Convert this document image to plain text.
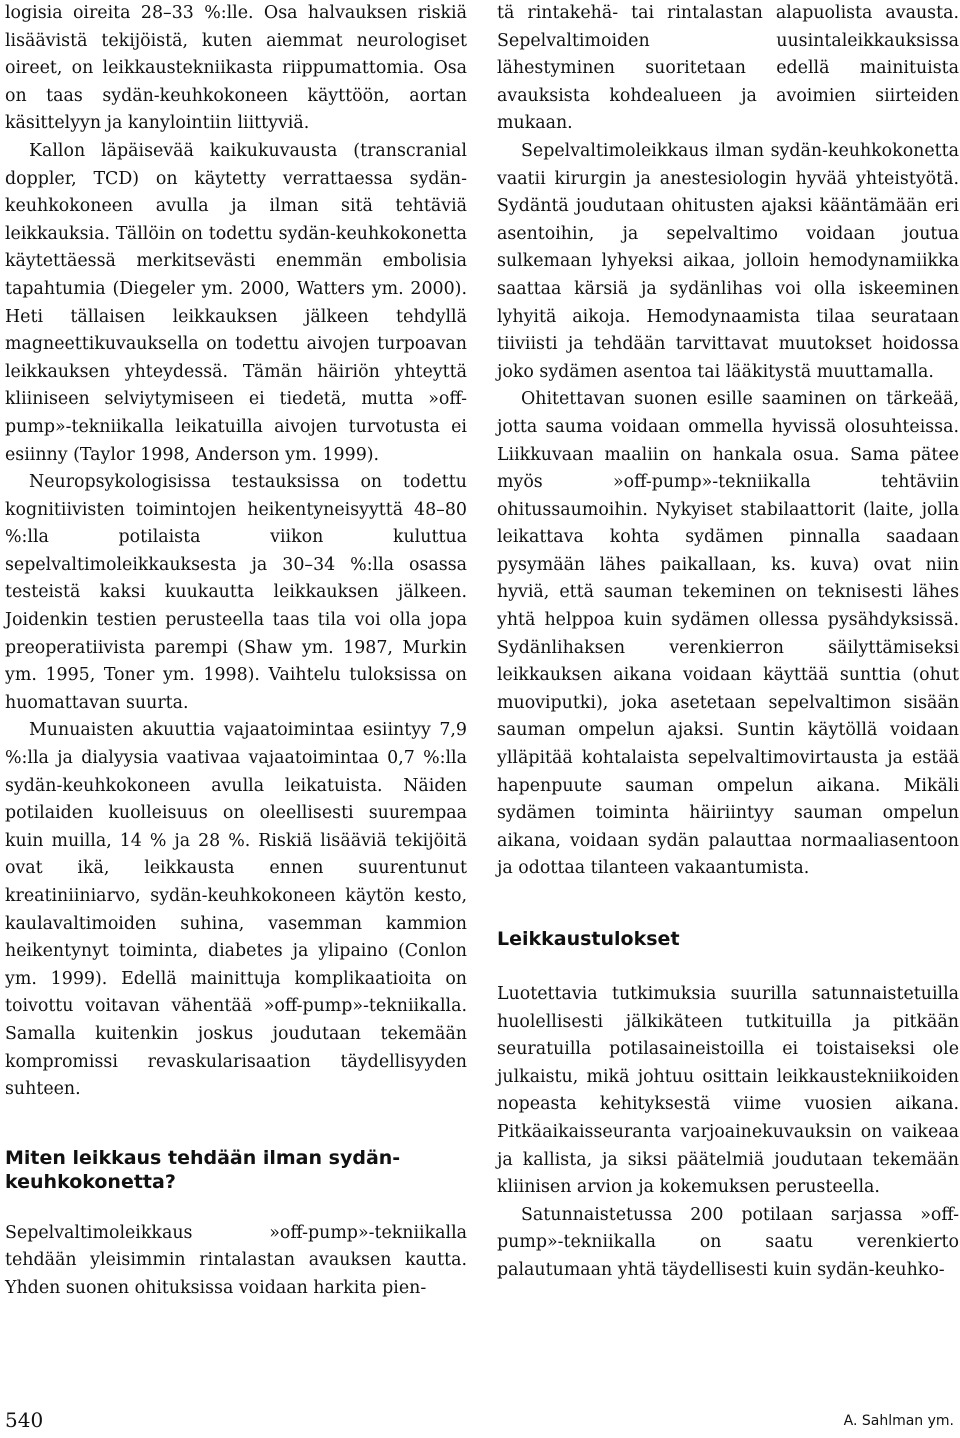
logisia oireita 28–33 %:lle. Osa halvauksen riskiä lisäävistä tekijöistä, kuten aiemmat neurologiset oireet, on leikkaustekniikasta riippumattomia. Osa on taas sydän-keuhkokoneen käyttöön, aortan käsittelyyn ja kanylointiin liittyviä.

Kallon läpäisevää kaikukuvausta (transcranial doppler, TCD) on käytetty verrattaessa sydän-keuhkokoneen avulla ja ilman sitä tehtäviä leikkauksia. Tällöin on todettu sydän-keuhkokonetta käytettäessä merkitsevästi enemmän embolisia tapahtumia (Diegeler ym. 2000, Watters ym. 2000). Heti tällaisen leikkauksen jälkeen tehdyllä magneettikuvauksella on todettu aivojen turpoavan leikkauksen yhteydessä. Tämän häiriön yhteyttä kliiniseen selviytymiseen ei tiedetä, mutta »off-pump»-tekniikalla leikatuilla aivojen turvotusta ei esiinny (Taylor 1998, Anderson ym. 1999).

Neuropsykologisissa testauksissa on todettu kognitiivisten toimintojen heikentyneisyyttä 48–80 %:lla potilaista viikon kuluttua sepelvaltimoleikkauksesta ja 30–34 %:lla osassa testeistä kaksi kuukautta leikkauksen jälkeen. Joidenkin testien perusteella taas tila voi olla jopa preoperatiivista parempi (Shaw ym. 1987, Murkin ym. 1995, Toner ym. 1998). Vaihtelu tuloksissa on huomattavan suurta.

Munuaisten akuuttia vajaatoimintaa esiintyy 7,9 %:lla ja dialyysia vaativaa vajaatoimintaa 0,7 %:lla sydän-keuhkokoneen avulla leikatuista. Näiden potilaiden kuolleisuus on oleellisesti suurempaa kuin muilla, 14 % ja 28 %. Riskiä lisääviä tekijöitä ovat ikä, leikkausta ennen suurentunut kreatiniiniarvo, sydän-keuhkokoneen käytön kesto, kaulavaltimoiden suhina, vasemman kammion heikentynyt toiminta, diabetes ja ylipaino (Conlon ym. 1999). Edellä mainittuja komplikaatioita on toivottu voitavan vähentää »off-pump»-tekniikalla. Samalla kuitenkin joskus joudutaan tekemään kompromissi revaskularisaation täydellisyyden suhteen.

Miten leikkaus tehdään ilman sydän-keuhkokonetta?

Sepelvaltimoleikkaus »off-pump»-tekniikalla tehdään yleisimmin rintalastan avauksen kautta. Yhden suonen ohituksissa voidaan harkita pien-

tä rintakehä- tai rintalastan alapuolista avausta. Sepelvaltimoiden uusintaleikkauksissa lähestyminen suoritetaan edellä mainituista avauksista kohdealueen ja avoimien siirteiden mukaan.

Sepelvaltimoleikkaus ilman sydän-keuhkokonetta vaatii kirurgin ja anestesiologin hyvää yhteistyötä. Sydäntä joudutaan ohitusten ajaksi kääntämään eri asentoihin, ja sepelvaltimo voidaan joutua sulkemaan lyhyeksi aikaa, jolloin hemodynamiikka saattaa kärsiä ja sydänlihas voi olla iskeeminen lyhyitä aikoja. Hemodynaamista tilaa seurataan tiiviisti ja tehdään tarvittavat muutokset hoidossa joko sydämen asentoa tai lääkitystä muuttamalla.

Ohitettavan suonen esille saaminen on tärkeää, jotta sauma voidaan ommella hyvissä olosuhteissa. Liikkuvaan maaliin on hankala osua. Sama pätee myös »off-pump»-tekniikalla tehtäviin ohitussaumoihin. Nykyiset stabilaattorit (laite, jolla leikattava kohta sydämen pinnalla saadaan pysymään lähes paikallaan, ks. kuva) ovat niin hyviä, että sauman tekeminen on teknisesti lähes yhtä helppoa kuin sydämen ollessa pysähdyksissä. Sydänlihaksen verenkierron säilyttämiseksi leikkauksen aikana voidaan käyttää sunttia (ohut muoviputki), joka asetetaan sepelvaltimon sisään sauman ompelun ajaksi. Suntin käytöllä voidaan ylläpitää kohtalaista sepelvaltimovirtausta ja estää hapenpuute sauman ompelun aikana. Mikäli sydämen toiminta häiriintyy sauman ompelun aikana, voidaan sydän palauttaa normaaliasentoon ja odottaa tilanteen vakaantumista.

Leikkaustulokset

Luotettavia tutkimuksia suurilla satunnaistetuilla huolellisesti jälkikäteen tutkituilla ja pitkään seuratuilla potilasaineistoilla ei toistaiseksi ole julkaistu, mikä johtuu osittain leikkaustekniikoiden nopeasta kehityksestä viime vuosien aikana. Pitkäaikaisseuranta varjoainekuvauksin on vaikeaa ja kallista, ja siksi päätelmiä joudutaan tekemään kliinisen arvion ja kokemuksen perusteella.

Satunnaistetussa 200 potilaan sarjassa »off-pump»-tekniikalla on saatu verenkierto palautumaan yhtä täydellisesti kuin sydän-keuhko-

540	A. Sahlman ym.
